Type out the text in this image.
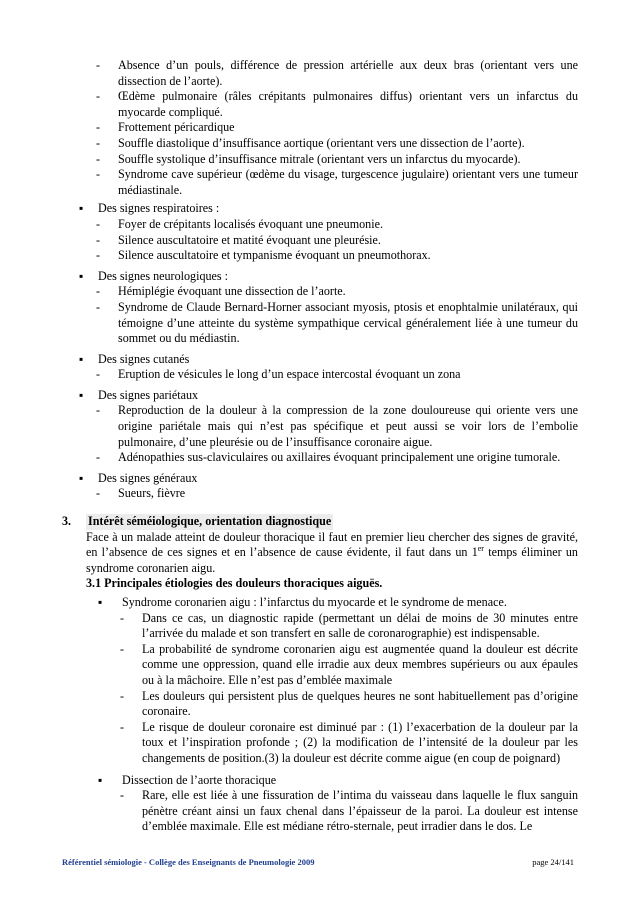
- Absence d’un pouls, différence de pression artérielle aux deux bras (orientant vers une dissection de l’aorte).
- Œdème pulmonaire (râles crépitants pulmonaires diffus) orientant vers un infarctus du myocarde compliqué.
- Frottement péricardique
- Souffle diastolique d’insuffisance aortique (orientant vers une dissection de l’aorte).
- Souffle systolique d’insuffisance mitrale (orientant vers un infarctus du myocarde).
- Syndrome cave supérieur (œdème du visage, turgescence jugulaire) orientant vers une tumeur médiastinale.
▪ Des signes respiratoires :
- Foyer de crépitants localisés évoquant une pneumonie.
- Silence auscultatoire et matité évoquant une pleurésie.
- Silence auscultatoire et tympanisme évoquant un pneumothorax.
▪ Des signes neurologiques :
- Hémiplégie évoquant une dissection de l’aorte.
- Syndrome de Claude Bernard-Horner associant myosis, ptosis et enophtalmie unilatéraux, qui témoigne d’une atteinte du système sympathique cervical généralement liée à une tumeur du sommet ou du médiastin.
▪ Des signes cutanés
- Eruption de vésicules le long d’un espace intercostal évoquant un zona
▪ Des signes pariétaux
- Reproduction de la douleur à la compression de la zone douloureuse qui oriente vers une origine pariétale mais qui n’est pas spécifique et peut aussi se voir lors de l’embolie pulmonaire, d’une pleurésie ou de l’insuffisance coronaire aigue.
- Adénopathies sus-claviculaires ou axillaires évoquant principalement une origine tumorale.
▪ Des signes généraux
- Sueurs, fièvre
3.	Intérêt séméiologique, orientation diagnostique
Face à un malade atteint de douleur thoracique il faut en premier lieu chercher des signes de gravité, en l’absence de ces signes et en l’absence de cause évidente, il faut dans un 1er temps éliminer un syndrome coronarien aigu.
3.1 Principales étiologies des douleurs thoraciques aiguës.
▪ Syndrome coronarien aigu : l’infarctus du myocarde et le syndrome de menace.
- Dans ce cas, un diagnostic rapide (permettant un délai de moins de 30 minutes entre l’arrivée du malade et son transfert en salle de coronarographie) est indispensable.
- La probabilité de syndrome coronarien aigu est augmentée quand la douleur est décrite comme une oppression, quand elle irradie aux deux membres supérieurs ou aux épaules ou à la mâchoire. Elle n’est pas d’emblée maximale
- Les douleurs qui persistent plus de quelques heures ne sont habituellement pas d’origine coronaire.
- Le risque de douleur coronaire est diminué par : (1) l’exacerbation de la douleur par la toux et l’inspiration profonde ; (2) la modification de l’intensité de la douleur par les changements de position.(3) la douleur est décrite comme aigue (en coup de poignard)
▪ Dissection de l’aorte thoracique
- Rare, elle est liée à une fissuration de l’intima du vaisseau dans laquelle le flux sanguin pénètre créant ainsi un faux chenal dans l’épaisseur de la paroi. La douleur est intense d’emblée maximale. Elle est médiane rétro-sternale, peut irradier dans le dos. Le
Référentiel sémiologie - Collège des Enseignants de Pneumologie 2009	page 24/141
